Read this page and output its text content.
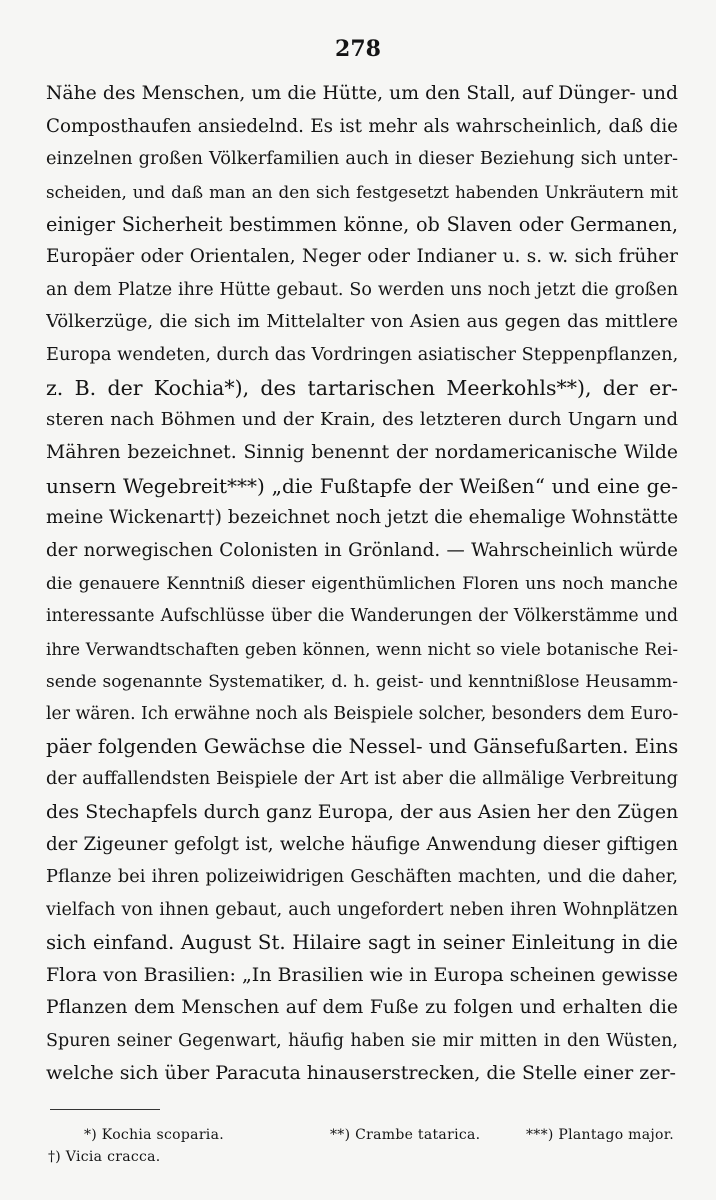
278
Nähe des Menschen, um die Hütte, um den Stall, auf Dünger- und
Composthaufen ansiedelnd. Es ist mehr als wahrscheinlich, daß die
einzelnen großen Völkerfamilien auch in dieser Beziehung sich unter-
scheiden, und daß man an den sich festgesetzt habenden Unkräutern mit
einiger Sicherheit bestimmen könne, ob Slaven oder Germanen,
Europäer oder Orientalen, Neger oder Indianer u. s. w. sich früher
an dem Platze ihre Hütte gebaut. So werden uns noch jetzt die großen
Völkerzüge, die sich im Mittelalter von Asien aus gegen das mittlere
Europa wendeten, durch das Vordringen asiatischer Steppenpflanzen,
z. B. der Kochia*), des tartarischen Meerkohls**), der er-
steren nach Böhmen und der Krain, des letzteren durch Ungarn und
Mähren bezeichnet. Sinnig benennt der nordamericanische Wilde
unsern Wegebreit***) „die Fußtapfe der Weißen“ und eine ge-
meine Wickenart†) bezeichnet noch jetzt die ehemalige Wohnstätte
der norwegischen Colonisten in Grönland. — Wahrscheinlich würde
die genauere Kenntniß dieser eigenthümlichen Floren uns noch manche
interessante Aufschlüsse über die Wanderungen der Völkerstämme und
ihre Verwandtschaften geben können, wenn nicht so viele botanische Rei-
sende sogenannte Systematiker, d. h. geist- und kenntnißlose Heusamm-
ler wären. Ich erwähne noch als Beispiele solcher, besonders dem Euro-
päer folgenden Gewächse die Nessel- und Gänsefußarten. Eins
der auffallendsten Beispiele der Art ist aber die allmälige Verbreitung
des Stechapfels durch ganz Europa, der aus Asien her den Zügen
der Zigeuner gefolgt ist, welche häufige Anwendung dieser giftigen
Pflanze bei ihren polizeiwidrigen Geschäften machten, und die daher,
vielfach von ihnen gebaut, auch ungefordert neben ihren Wohnplätzen
sich einfand. August St. Hilaire sagt in seiner Einleitung in die
Flora von Brasilien: „In Brasilien wie in Europa scheinen gewisse
Pflanzen dem Menschen auf dem Fuße zu folgen und erhalten die
Spuren seiner Gegenwart, häufig haben sie mir mitten in den Wüsten,
welche sich über Paracuta hinauserstrecken, die Stelle einer zer-
*) Kochia scoparia.	**) Crambe tatarica.	***) Plantago major.
†) Vicia cracca.
